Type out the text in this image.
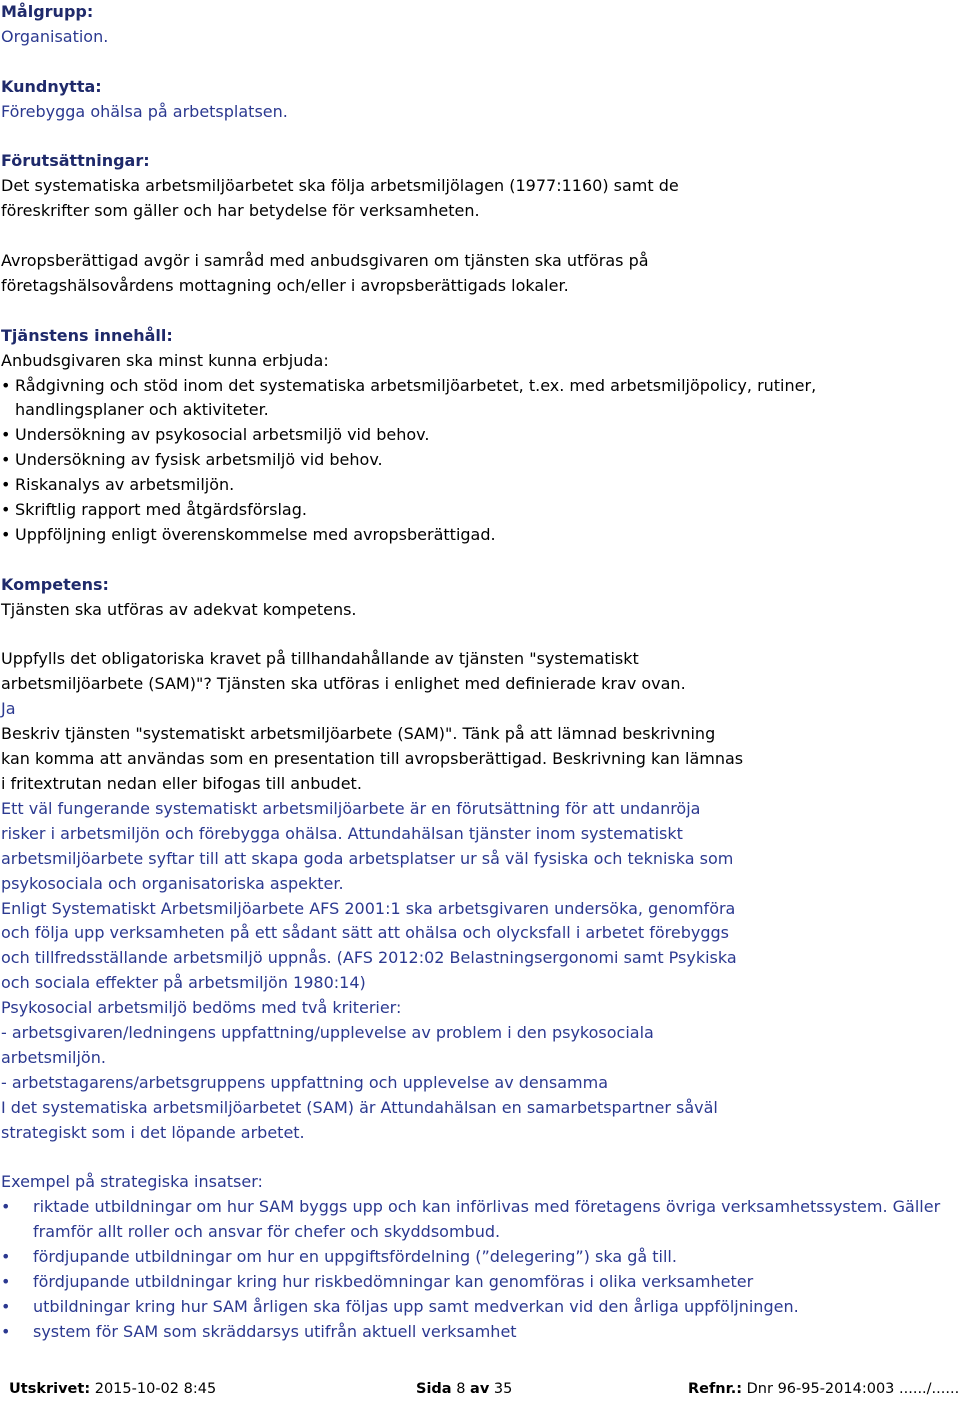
Målgrupp:

Organisation.

Kundnytta:

Förebygga ohälsa på arbetsplatsen.

Förutsättningar:

Det systematiska arbetsmiljöarbetet ska följa arbetsmiljölagen (1977:1160) samt de

föreskrifter som gäller och har betydelse för verksamheten.

Avropsberättigad avgör i samråd med anbudsgivaren om tjänsten ska utföras på

företagshälsovårdens mottagning och/eller i avropsberättigads lokaler.

Tjänstens innehåll:

Anbudsgivaren ska minst kunna erbjuda:

• Rådgivning och stöd inom det systematiska arbetsmiljöarbetet, t.ex. med arbetsmiljöpolicy, rutiner, handlingsplaner och aktiviteter.
• Undersökning av psykosocial arbetsmiljö vid behov.
• Undersökning av fysisk arbetsmiljö vid behov.
• Riskanalys av arbetsmiljön.
• Skriftlig rapport med åtgärdsförslag.
• Uppföljning enligt överenskommelse med avropsberättigad.

Kompetens:

Tjänsten ska utföras av adekvat kompetens.

Uppfylls det obligatoriska kravet på tillhandahållande av tjänsten "systematiskt

arbetsmiljöarbete (SAM)"? Tjänsten ska utföras i enlighet med definierade krav ovan.

Ja

Beskriv tjänsten "systematiskt arbetsmiljöarbete (SAM)". Tänk på att lämnad beskrivning

kan komma att användas som en presentation till avropsberättigad. Beskrivning kan lämnas

i fritextrutan nedan eller bifogas till anbudet.

Ett väl fungerande systematiskt arbetsmiljöarbete är en förutsättning för att undanröja

risker i arbetsmiljön och förebygga ohälsa. Attundahälsan tjänster inom systematiskt

arbetsmiljöarbete syftar till att skapa goda arbetsplatser ur så väl fysiska och tekniska som

psykosociala och organisatoriska aspekter.

Enligt Systematiskt Arbetsmiljöarbete AFS 2001:1 ska arbetsgivaren undersöka, genomföra

och följa upp verksamheten på ett sådant sätt att ohälsa och olycksfall i arbetet förebyggs

och tillfredsställande arbetsmiljö uppnås. (AFS 2012:02 Belastningsergonomi samt Psykiska

och sociala effekter på arbetsmiljön 1980:14)

Psykosocial arbetsmiljö bedöms med två kriterier:

- arbetsgivaren/ledningens uppfattning/upplevelse av problem i den psykosociala

arbetsmiljön.

- arbetstagarens/arbetsgruppens uppfattning och upplevelse av densamma

I det systematiska arbetsmiljöarbetet (SAM) är Attundahälsan en samarbetspartner såväl

strategiskt som i det löpande arbetet.

Exempel på strategiska insatser:

• riktade utbildningar om hur SAM byggs upp och kan införlivas med företagens övriga verksamhetssystem. Gäller framför allt roller och ansvar för chefer och skyddsombud.
• fördjupande utbildningar om hur en uppgiftsfördelning (”delegering”) ska gå till.
• fördjupande utbildningar kring hur riskbedömningar kan genomföras i olika verksamheter
• utbildningar kring hur SAM årligen ska följas upp samt medverkan vid den årliga uppföljningen.
• system för SAM som skräddarsys utifrån aktuell verksamhet
Utskrivet: 2015-10-02 8:45	Sida 8 av 35	Refnr.: Dnr 96-95-2014:003 ....../......
